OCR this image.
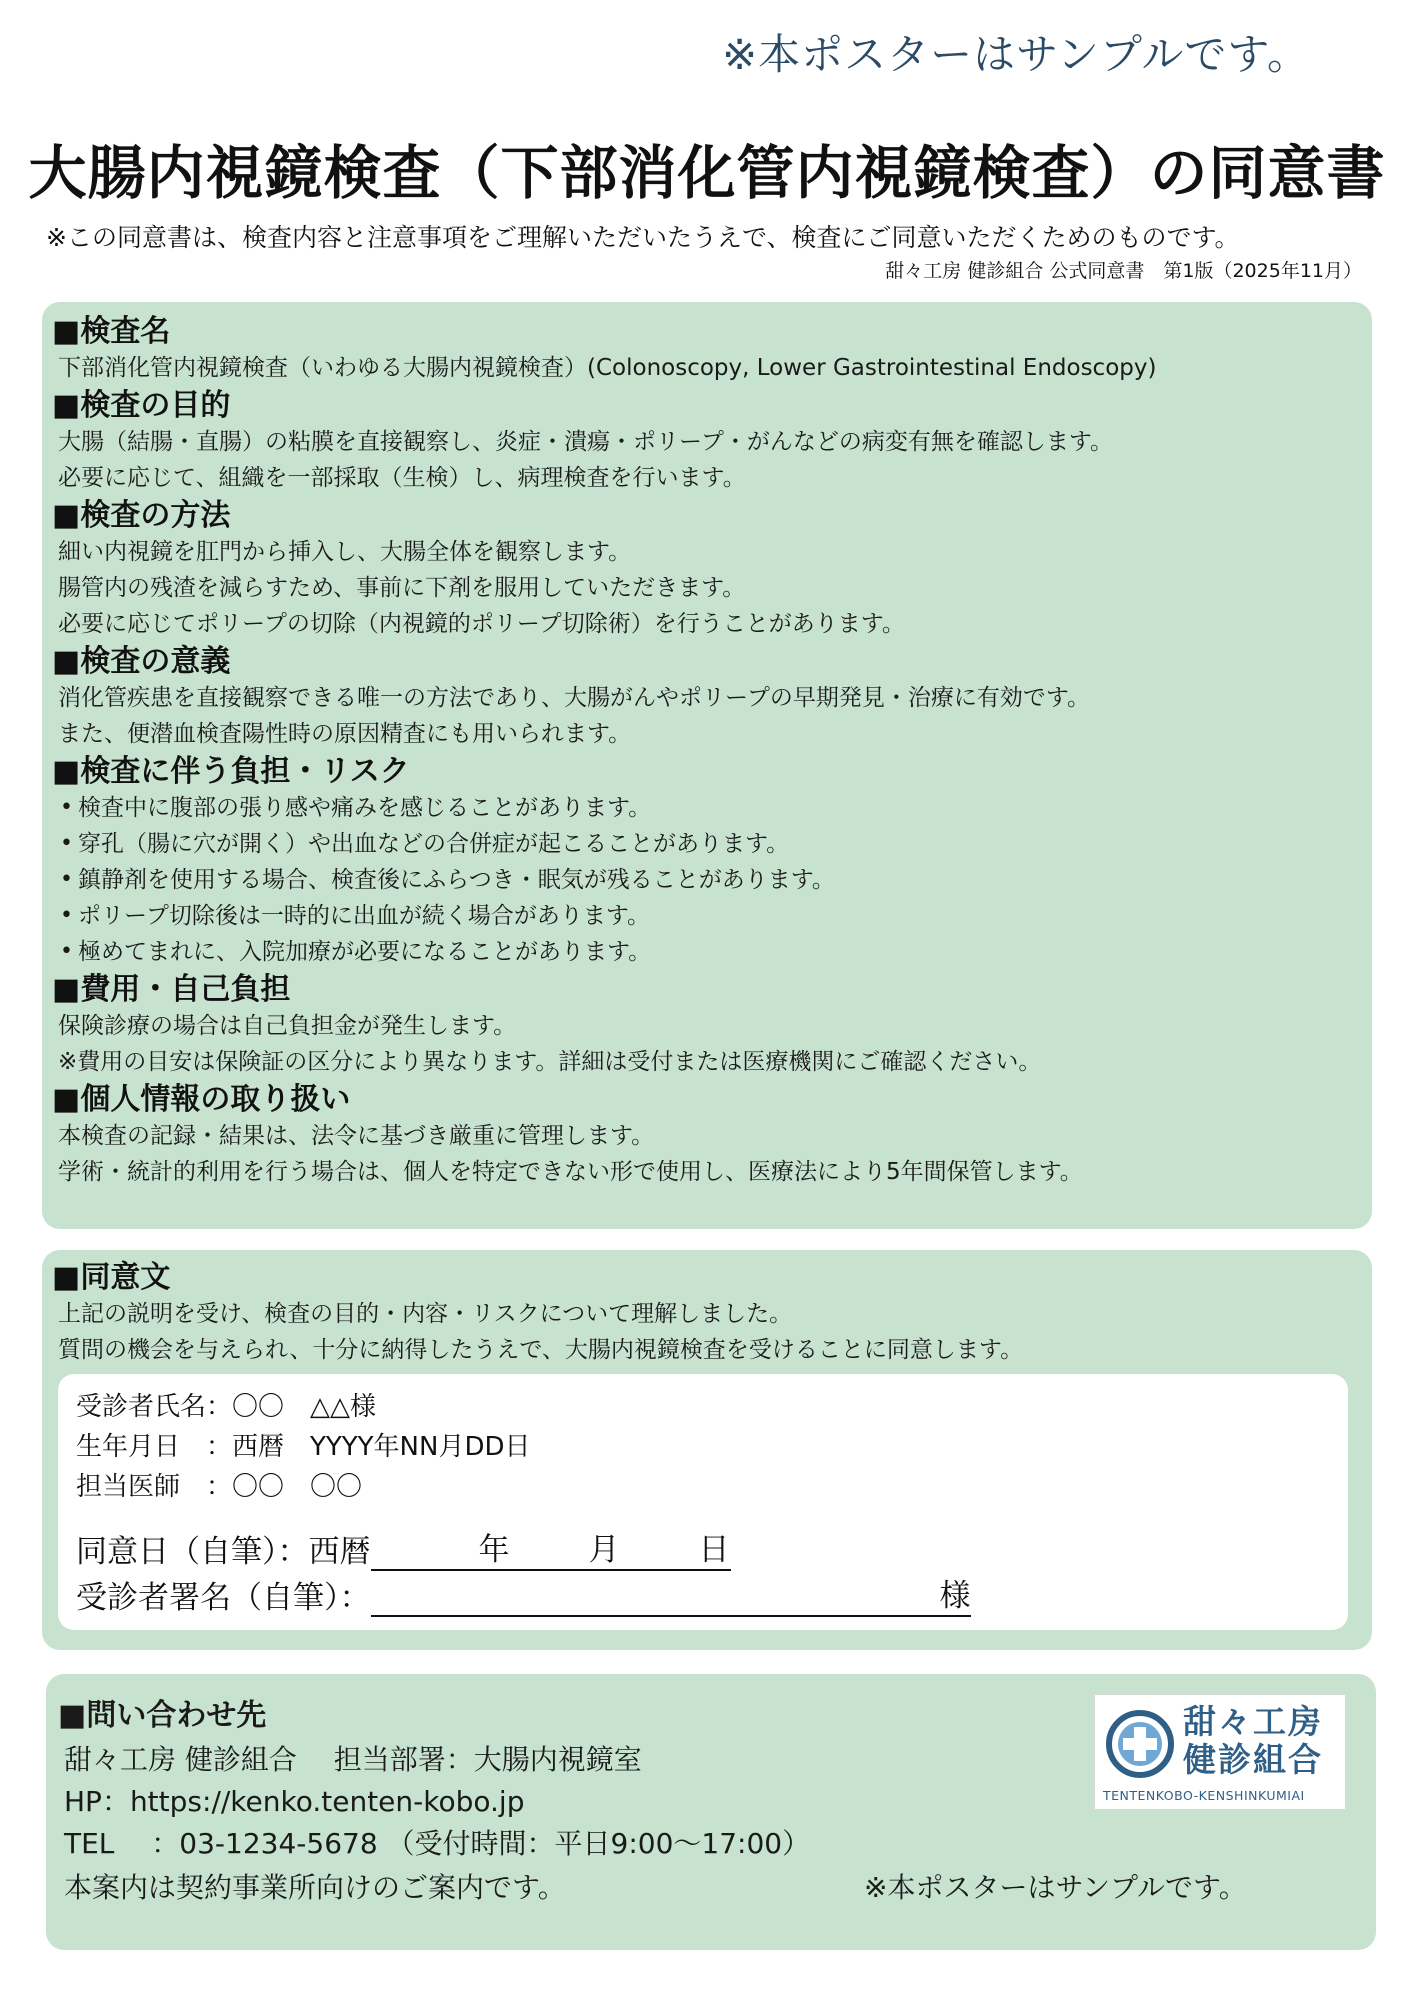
※本ポスターはサンプルです。
大腸内視鏡検査（下部消化管内視鏡検査）の同意書
※この同意書は、検査内容と注意事項をご理解いただいたうえで、検査にご同意いただくためのものです。
甜々工房 健診組合 公式同意書　第1版（2025年11月）
■検査名
下部消化管内視鏡検査（いわゆる大腸内視鏡検査）(Colonoscopy, Lower Gastrointestinal Endoscopy)
■検査の目的
大腸（結腸・直腸）の粘膜を直接観察し、炎症・潰瘍・ポリープ・がんなどの病変有無を確認します。
必要に応じて、組織を一部採取（生検）し、病理検査を行います。
■検査の方法
細い内視鏡を肛門から挿入し、大腸全体を観察します。
腸管内の残渣を減らすため、事前に下剤を服用していただきます。
必要に応じてポリープの切除（内視鏡的ポリープ切除術）を行うことがあります。
■検査の意義
消化管疾患を直接観察できる唯一の方法であり、大腸がんやポリープの早期発見・治療に有効です。
また、便潜血検査陽性時の原因精査にも用いられます。
■検査に伴う負担・リスク
• 検査中に腹部の張り感や痛みを感じることがあります。
• 穿孔（腸に穴が開く）や出血などの合併症が起こることがあります。
• 鎮静剤を使用する場合、検査後にふらつき・眠気が残ることがあります。
• ポリープ切除後は一時的に出血が続く場合があります。
• 極めてまれに、入院加療が必要になることがあります。
■費用・自己負担
保険診療の場合は自己負担金が発生します。
※費用の目安は保険証の区分により異なります。詳細は受付または医療機関にご確認ください。
■個人情報の取り扱い
本検査の記録・結果は、法令に基づき厳重に管理します。
学術・統計的利用を行う場合は、個人を特定できない形で使用し、医療法により5年間保管します。
■同意文
上記の説明を受け、検査の目的・内容・リスクについて理解しました。
質問の機会を与えられ、十分に納得したうえで、大腸内視鏡検査を受けることに同意します。
受診者氏名：〇〇　△△様
生年月日　：西暦　YYYY年NN月DD日
担当医師　：〇〇　〇〇
同意日（自筆）：西暦	年	月	日
受診者署名（自筆）：	様
■問い合わせ先
甜々工房 健診組合　 担当部署：大腸内視鏡室
HP：https://kenko.tenten-kobo.jp
TEL　 ：03-1234-5678 （受付時間：平日9:00～17:00）
本案内は契約事業所向けのご案内です。	※本ポスターはサンプルです。
甜々工房
健診組合
TENTENKOBO-KENSHINKUMIAI
